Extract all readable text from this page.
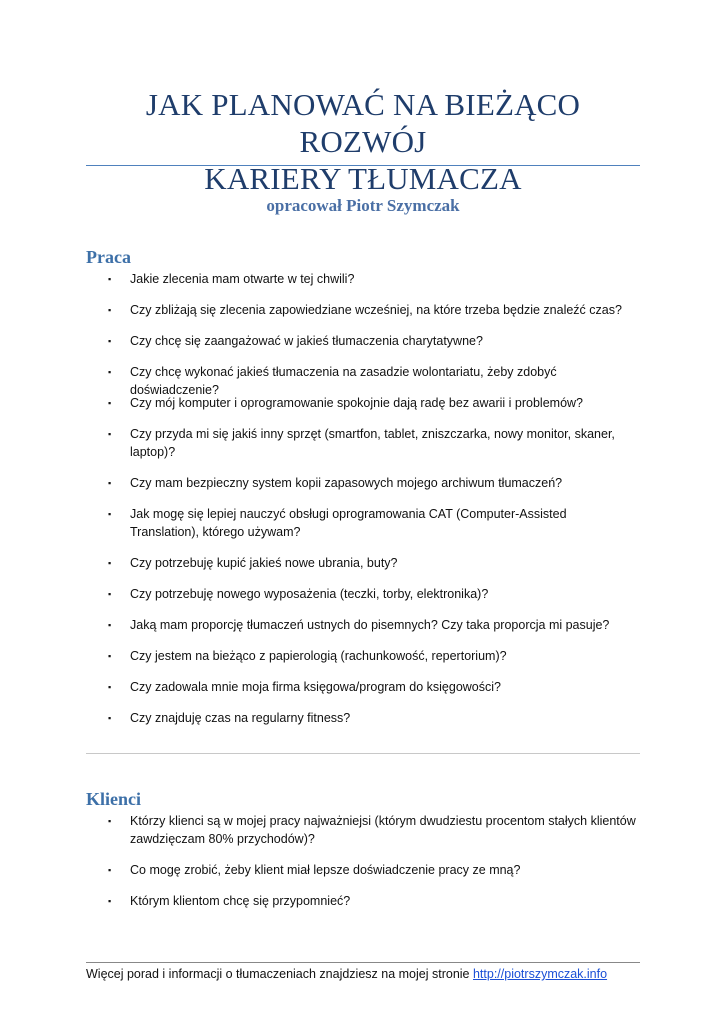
JAK PLANOWAĆ NA BIEŻĄCO ROZWÓJ
KARIERY TŁUMACZA
opracował Piotr Szymczak
Praca
▪ Jakie zlecenia mam otwarte w tej chwili?
▪ Czy zbliżają się zlecenia zapowiedziane wcześniej, na które trzeba będzie znaleźć czas?
▪ Czy chcę się zaangażować w jakieś tłumaczenia charytatywne?
▪ Czy chcę wykonać jakieś tłumaczenia na zasadzie wolontariatu, żeby zdobyć doświadczenie?
▪ Czy mój komputer i oprogramowanie spokojnie dają radę bez awarii i problemów?
▪ Czy przyda mi się jakiś inny sprzęt (smartfon, tablet, zniszczarka, nowy monitor, skaner, laptop)?
▪ Czy mam bezpieczny system kopii zapasowych mojego archiwum tłumaczeń?
▪ Jak mogę się lepiej nauczyć obsługi oprogramowania CAT (Computer-Assisted Translation), którego używam?
▪ Czy potrzebuję kupić jakieś nowe ubrania, buty?
▪ Czy potrzebuję nowego wyposażenia (teczki, torby, elektronika)?
▪ Jaką mam proporcję tłumaczeń ustnych do pisemnych? Czy taka proporcja mi pasuje?
▪ Czy jestem na bieżąco z papierologią (rachunkowość, repertorium)?
▪ Czy zadowala mnie moja firma księgowa/program do księgowości?
▪ Czy znajduję czas na regularny fitness?
Klienci
▪ Którzy klienci są w mojej pracy najważniejsi (którym dwudziestu procentom stałych klientów zawdzięczam 80% przychodów)?
▪ Co mogę zrobić, żeby klient miał lepsze doświadczenie pracy ze mną?
▪ Którym klientom chcę się przypomnieć?
Więcej porad i informacji o tłumaczeniach znajdziesz na mojej stronie http://piotrszymczak.info
